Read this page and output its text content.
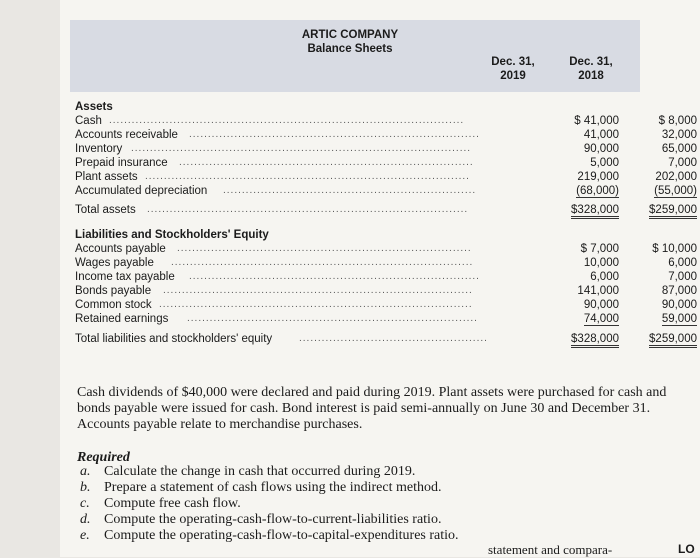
ARTIC COMPANY
Balance Sheets
Dec. 31, 2019
Dec. 31, 2018
Assets
Cash ..............................................................................................	$ 41,000	$ 8,000
Accounts receivable .............................................................................	41,000	32,000
Inventory ..........................................................................................	90,000	65,000
Prepaid insurance ..............................................................................	5,000	7,000
Plant assets ......................................................................................	219,000	202,000
Accumulated depreciation ...................................................................	(68,000)	(55,000)
Total assets .....................................................................................	$328,000	$259,000
Liabilities and Stockholders' Equity
Accounts payable ..............................................................................	$ 7,000	$ 10,000
Wages payable ................................................................................	10,000	6,000
Income tax payable .............................................................................	6,000	7,000
Bonds payable ..................................................................................	141,000	87,000
Common stock ...................................................................................	90,000	90,000
Retained earnings .............................................................................	74,000	59,000
Total liabilities and stockholders' equity	..................................................	$328,000	$259,000
Cash dividends of $40,000 were declared and paid during 2019. Plant assets were purchased for cash and bonds payable were issued for cash. Bond interest is paid semi-annually on June 30 and December 31. Accounts payable relate to merchandise purchases.
Required
a. Calculate the change in cash that occurred during 2019.
b. Prepare a statement of cash flows using the indirect method.
c. Compute free cash flow.
d. Compute the operating-cash-flow-to-current-liabilities ratio.
e. Compute the operating-cash-flow-to-capital-expenditures ratio.
statement and compara-	LO
